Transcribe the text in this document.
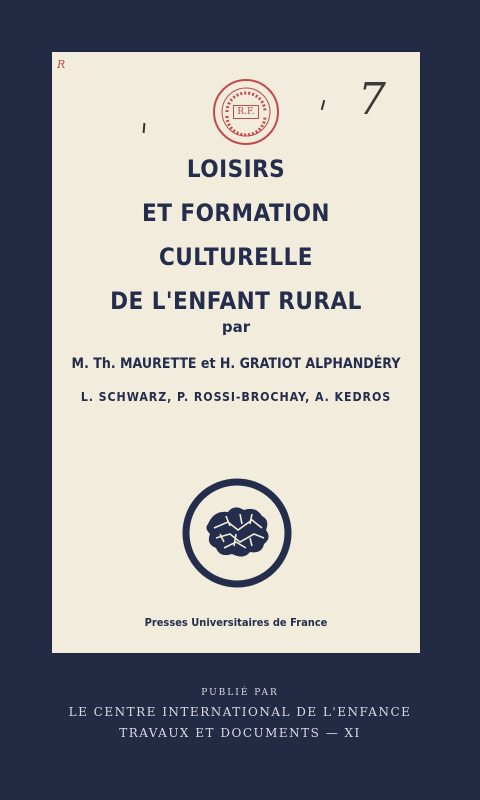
R
R.F. 7
LOISIRS
ET FORMATION CULTURELLE
DE L'ENFANT RURAL
par
M. Th. MAURETTE et H. GRATIOT ALPHANDÉRY
L. SCHWARZ, P. ROSSI-BROCHAY, A. KEDROS
Presses Universitaires de France
PUBLIÉ PAR
LE CENTRE INTERNATIONAL DE L'ENFANCE
TRAVAUX ET DOCUMENTS — XI
